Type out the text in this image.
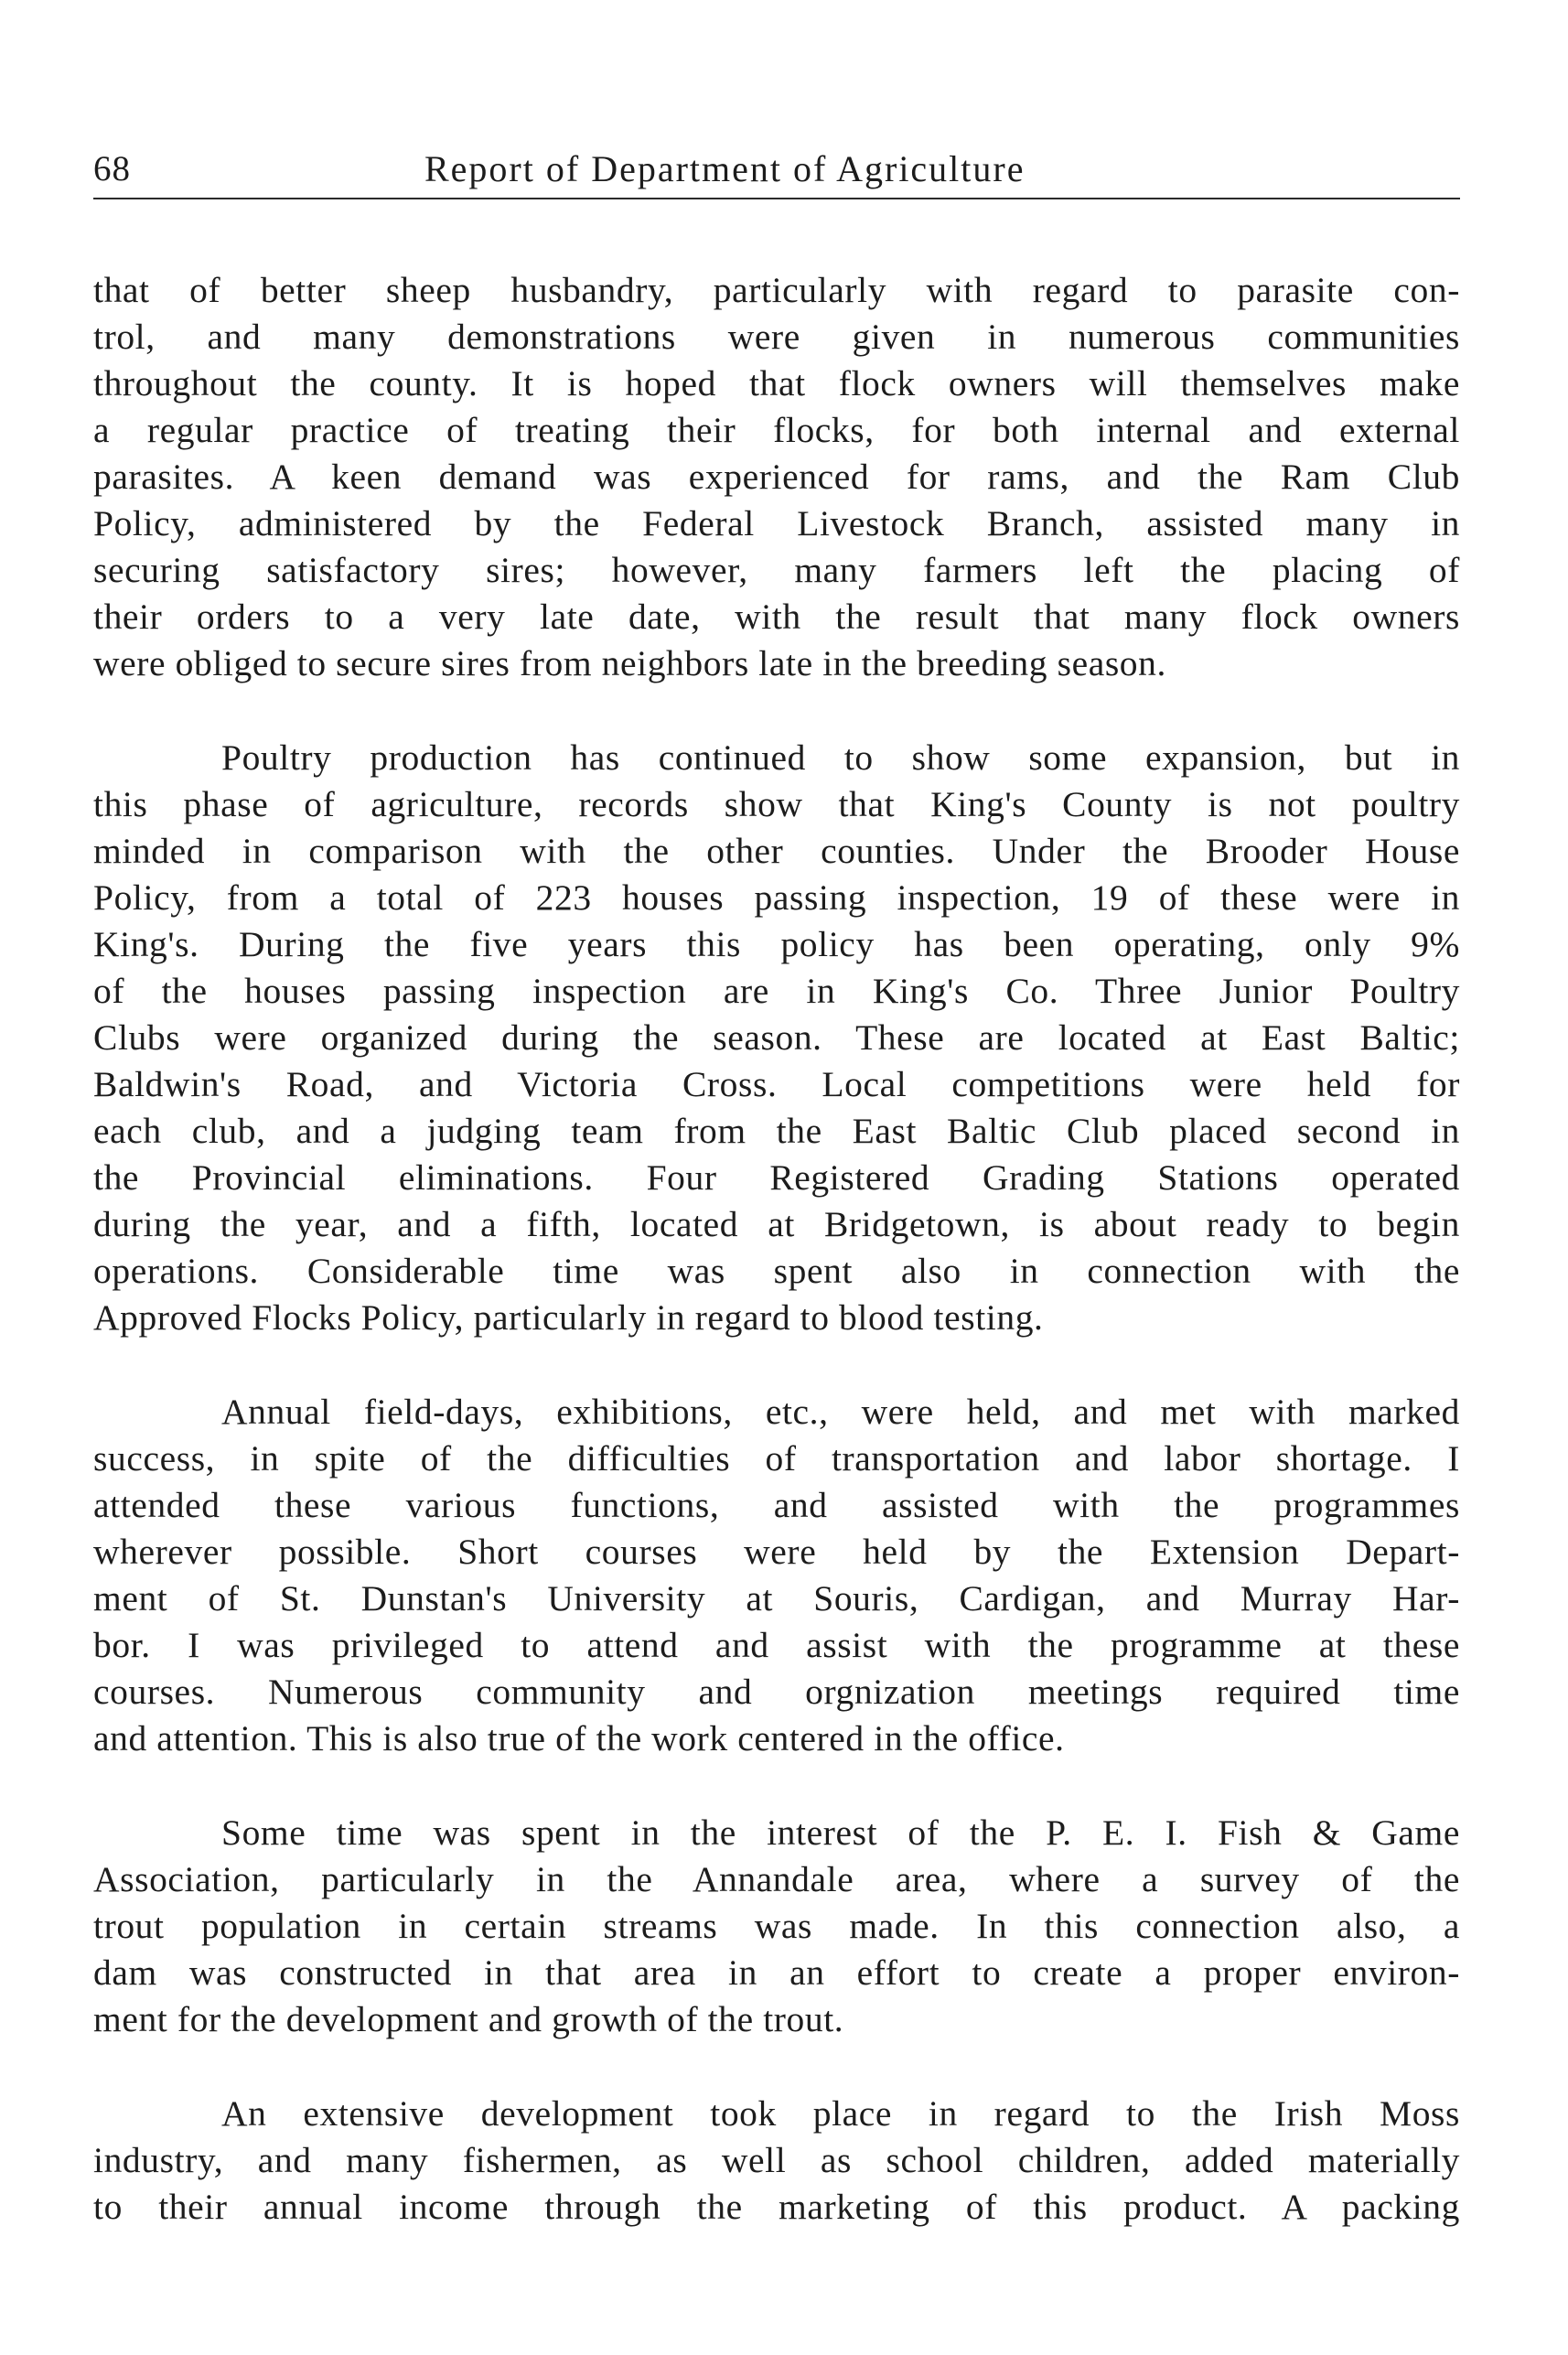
68	Report of Department of Agriculture
that of better sheep husbandry, particularly with regard to parasite con-
trol, and many demonstrations were given in numerous communities
throughout the county. It is hoped that flock owners will themselves make
a regular practice of treating their flocks, for both internal and external
parasites. A keen demand was experienced for rams, and the Ram Club
Policy, administered by the Federal Livestock Branch, assisted many in
securing satisfactory sires; however, many farmers left the placing of
their orders to a very late date, with the result that many flock owners
were obliged to secure sires from neighbors late in the breeding season.
Poultry production has continued to show some expansion, but in
this phase of agriculture, records show that King's County is not poultry
minded in comparison with the other counties. Under the Brooder House
Policy, from a total of 223 houses passing inspection, 19 of these were in
King's. During the five years this policy has been operating, only 9%
of the houses passing inspection are in King's Co. Three Junior Poultry
Clubs were organized during the season. These are located at East Baltic;
Baldwin's Road, and Victoria Cross. Local competitions were held for
each club, and a judging team from the East Baltic Club placed second in
the Provincial eliminations. Four Registered Grading Stations operated
during the year, and a fifth, located at Bridgetown, is about ready to begin
operations. Considerable time was spent also in connection with the
Approved Flocks Policy, particularly in regard to blood testing.
Annual field-days, exhibitions, etc., were held, and met with marked
success, in spite of the difficulties of transportation and labor shortage. I
attended these various functions, and assisted with the programmes
wherever possible. Short courses were held by the Extension Depart-
ment of St. Dunstan's University at Souris, Cardigan, and Murray Har-
bor. I was privileged to attend and assist with the programme at these
courses. Numerous community and orgnization meetings required time
and attention. This is also true of the work centered in the office.
Some time was spent in the interest of the P. E. I. Fish & Game
Association, particularly in the Annandale area, where a survey of the
trout population in certain streams was made. In this connection also, a
dam was constructed in that area in an effort to create a proper environ-
ment for the development and growth of the trout.
An extensive development took place in regard to the Irish Moss
industry, and many fishermen, as well as school children, added materially
to their annual income through the marketing of this product. A packing
